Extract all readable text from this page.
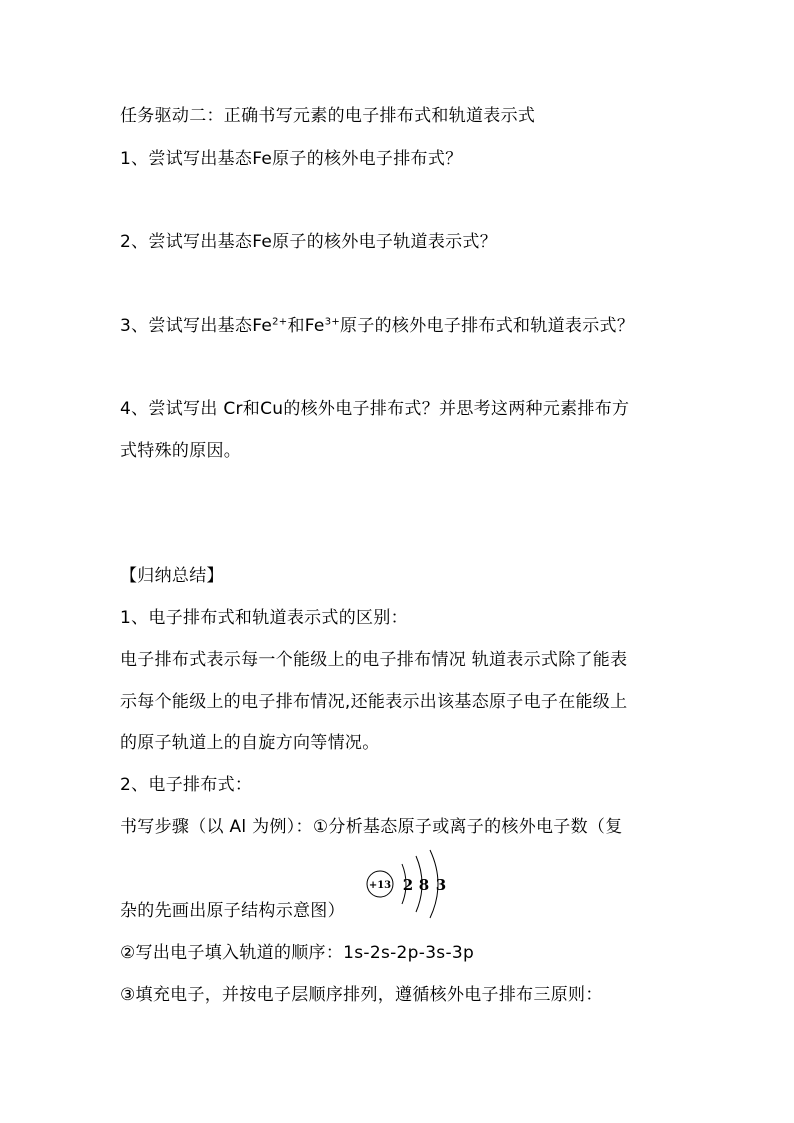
任务驱动二：正确书写元素的电子排布式和轨道表示式
1、尝试写出基态Fe原子的核外电子排布式？
2、尝试写出基态Fe原子的核外电子轨道表示式？
3、尝试写出基态$Fe^{2+}$和$Fe^{3+}$原子的核外电子排布式和轨道表示式？
4、尝试写出 Cr和Cu的核外电子排布式？并思考这两种元素排布方
式特殊的原因。
【归纳总结】
1、电子排布式和轨道表示式的区别：
电子排布式表示每一个能级上的电子排布情况 轨道表示式除了能表
示每个能级上的电子排布情况,还能表示出该基态原子电子在能级上
的原子轨道上的自旋方向等情况。
2、电子排布式：
书写步骤（以 Al 为例）：①分析基态原子或离子的核外电子数（复
杂的先画出原子结构示意图）
+13 2 8 3
②写出电子填入轨道的顺序：1s-2s-2p-3s-3p
③填充电子，并按电子层顺序排列，遵循核外电子排布三原则：
